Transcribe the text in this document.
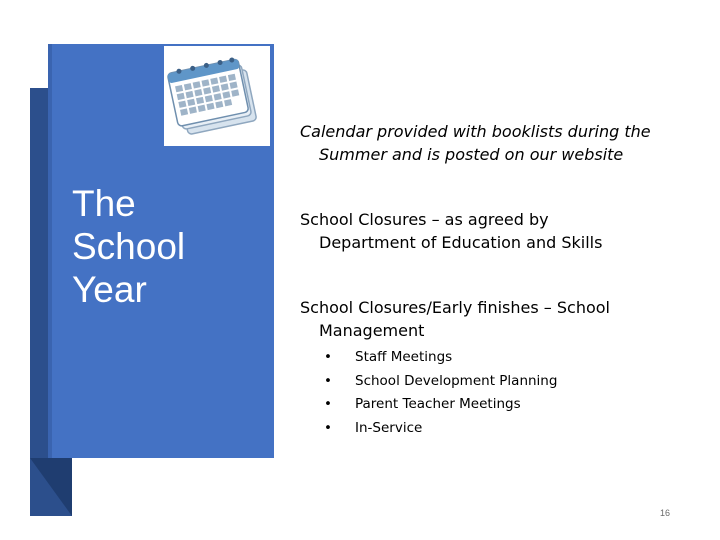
The
School
Year
Calendar provided with booklists during the
Summer and is posted on our website
School Closures – as agreed by
Department of Education and Skills
School Closures/Early finishes – School
Management
• Staff Meetings
• School Development Planning
• Parent Teacher Meetings
• In-Service
16
